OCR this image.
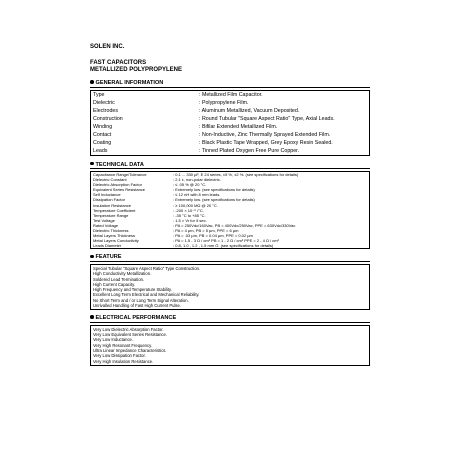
SOLEN INC.
FAST CAPACITORS
METALLIZED POLYPROPYLENE
GENERAL INFORMATION
Type	: Metallized Film Capacitor.
Dielectric	: Polypropylene Film.
Electrodes	: Aluminum Metallized, Vacuum Deposited.
Construction	: Round Tubular "Square Aspect Ratio" Type, Axial Leads.
Winding	: Bifilar Extended Metallized Film.
Contact	: Non-Inductive, Zinc Thermally Sprayed Extended Film.
Coating	: Black Plastic Tape Wrapped, Grey Epoxy Resin Sealed.
Leads	: Tinned Plated Oxygen Free Pure Copper.
TECHNICAL DATA
Capacitance Range/Tolerance	: 0.1 ... 330 µF, E 24 series, ±5 %, ±2 %. (see specifications for details)
Dielectric Constant	: 2.1 ε, non-polar dielectric.
Dielectric Absorption Factor	: ≤ .05 % @ 20 °C.
Equivalent Series Resistance	: Extremely low. (see specifications for details)
Self Inductance	: ≤ 12 nH with 8 mm leads.
Dissipation Factor	: Extremely low. (see specifications for details)
Insulation Resistance	: ≥ 100,000 MΩ @ 20 °C.
Temperature Coefficient	: -200 × 10⁻⁶ /°C.
Temperature Range	: -35 °C to +85 °C.
Test Voltage	: 1.5 × Vr for 5 sec.
Rated Voltage	: PA = 250Vdc/160Vac, PB = 400Vdc/250Vac, PPE = 630Vdc/330Vac
Dielectric Thickness	: PA = 4 µm, PB = 5 µm, PPE = 6 µm
Metal Layers Thickness	: PA = .03 µm, PB = 0.04 µm, PPE = 0.02 µm
Metal Layers Conductivity	: PA = 1.5 - 3 Ω / cm² PB = 1 - 2 Ω / cm² PPE = 2 - 4 Ω / cm²
Leads Diameter	: 0.8, 1.0 , 1.2 , 1.5 mm Ö. (see specifications for details)
FEATURE
Special Tubular "Square Aspect Ratio" Type Construction.
High Conductivity Metallization.
Soldered Lead Termination.
High Current Capacity.
High Frequency and Temperature Stability.
Excellent Long Term Electrical and Mechanical Reliability.
No Short Term and / or Long Term Signal Alteration.
Unrivalled Handling of Fast High Current Pulse.
ELECTRICAL PERFORMANCE
Very Low Dielectric Absorption Factor.
Very Low Equivalent Series Resistance.
Very Low Inductance.
Very High Resonant Frequency.
Ultra Linear Impedance Characteristics.
Very Low Dissipation Factor.
Very High Insulation Resistance.
